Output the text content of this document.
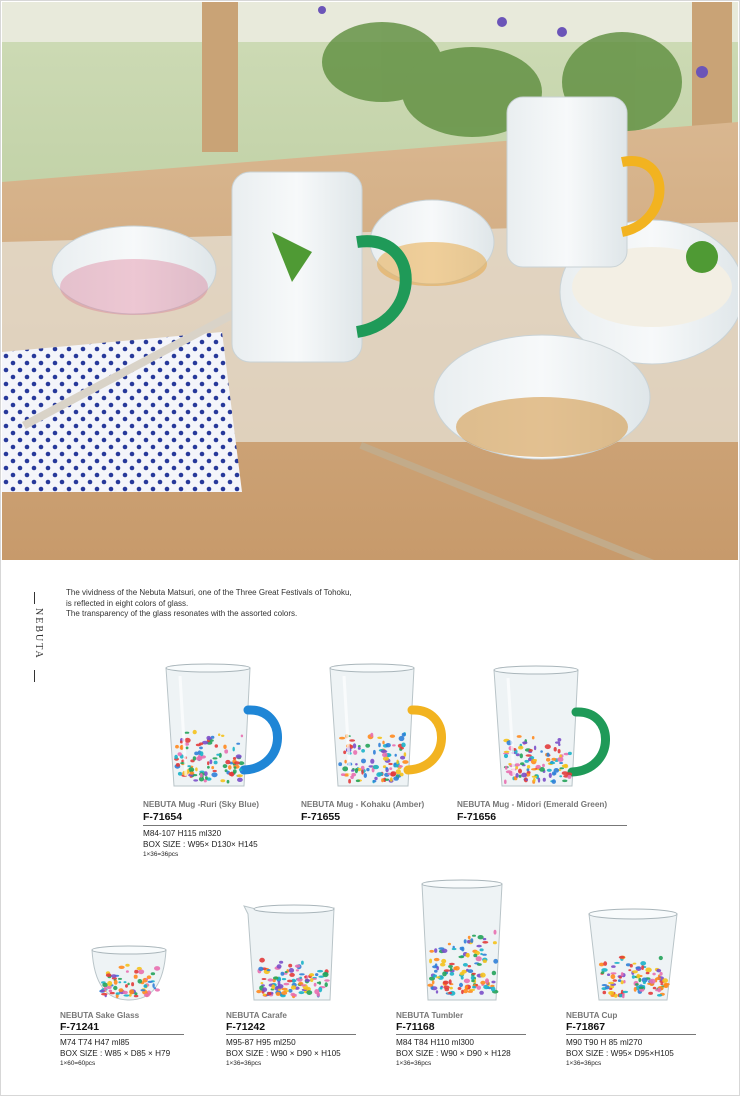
NEBUTA
The vividness of the Nebuta Matsuri, one of the Three Great Festivals of Tohoku,
is reflected in eight colors of glass.
The transparency of the glass resonates with the assorted colors.
NEBUTA Mug -Ruri (Sky Blue)	NEBUTA Mug - Kohaku (Amber)	NEBUTA Mug - Midori (Emerald Green)
F-71654	F-71655	F-71656
M84-107 H115 ml320
BOX SIZE : W95× D130× H145
1×36=36pcs
NEBUTA Sake Glass
F-71241
M74 T74 H47 ml85
BOX SIZE : W85 × D85 × H79
1×60=60pcs
NEBUTA Carafe
F-71242
M95-87 H95 ml250
BOX SIZE : W90 × D90 × H105
1×36=36pcs
NEBUTA Tumbler
F-71168
M84 T84 H110 ml300
BOX SIZE : W90 × D90 × H128
1×36=36pcs
NEBUTA Cup
F-71867
M90 T90 H 85 ml270
BOX SIZE : W95× D95×H105
1×36=36pcs
